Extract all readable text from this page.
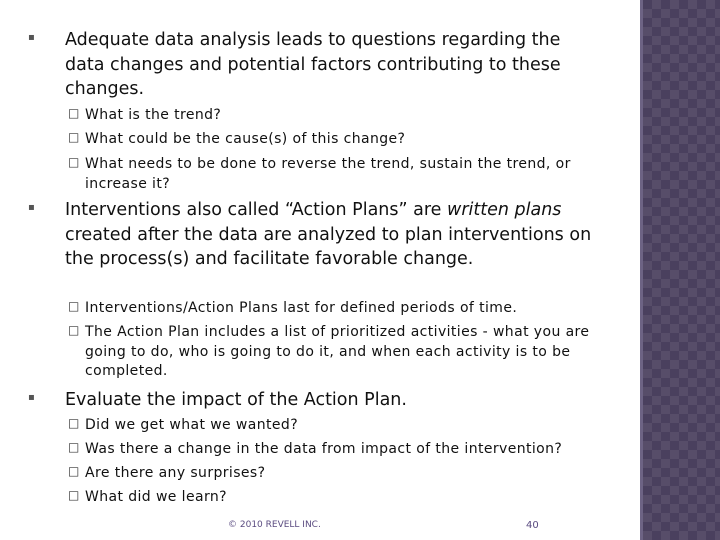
▪ Adequate data analysis leads to questions regarding the data changes and potential factors contributing to these changes.
□ What is the trend?
□ What could be the cause(s) of this change?
□ What needs to be done to reverse the trend, sustain the trend, or increase it?
▪ Interventions also called “Action Plans” are written plans created after the data are analyzed to plan interventions on the process(s) and facilitate favorable change.
□ Interventions/Action Plans last for defined periods of time.
□ The Action Plan includes a list of prioritized activities - what you are going to do, who is going to do it, and when each activity is to be completed.
▪ Evaluate the impact of the Action Plan.
□ Did we get what we wanted?
□ Was there a change in the data from impact of the intervention?
□ Are there any surprises?
□ What did we learn?
© 2010 REVELL INC.	40
